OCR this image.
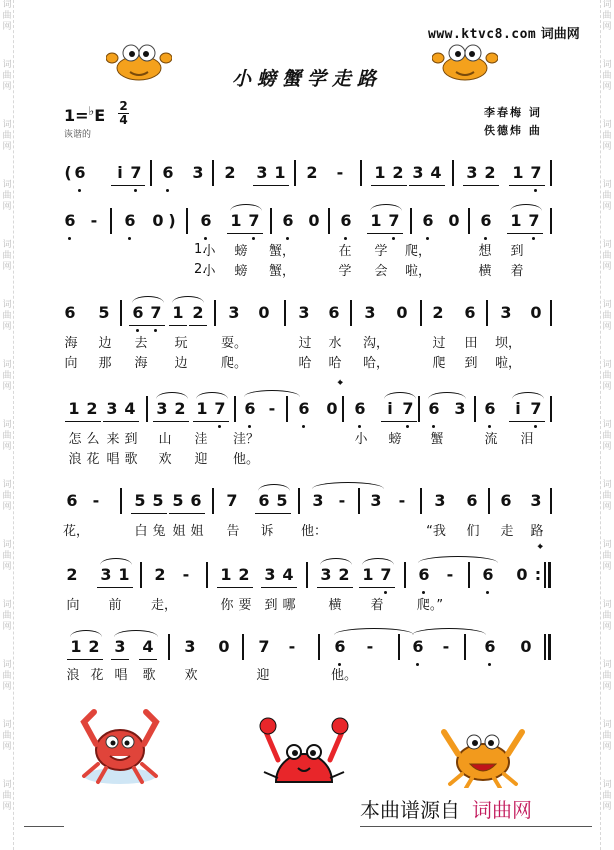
词
曲
网
词
曲
网
词
曲
网
词
曲
网
词
曲
网
词
曲
网
词
曲
网
词
曲
网
词
曲
网
词
曲
网
词
曲
网
词
曲
网
词
曲
网
词
曲
网
词
曲
网
词
曲
网
词
曲
网
词
曲
网
词
曲
网
词
曲
网
词
曲
网
词
曲
网
词
曲
网
词
曲
网
词
曲
网
词
曲
网
词
曲
网
词
曲
网
www.ktvc8.com 词曲网
小螃蟹学走路
1=♭E 2
4
诙谐的
李春梅 词
佚德炜 曲
( 6	i 7 6 3 2 3 1 2 - 1 2 3 4 3 2 1 7
6 - 6 0 ) 6 1 7 6 0 6 1 7 6 0 6 1 7
1.
小 螃 蟹，	在 学 爬，	想 到
2.
小 螃 蟹，	学 会 啦，	横 着
6 5 6 7 1 2 3 0 3 6 3 0 2 6 3 0
海 边 去 玩	耍。	过 水 沟，	过 田 坝，
向 那 海 边	爬。	哈 哈 哈，	爬 到 啦，
𝄌
1 2 3 4 3 2 1 7 6 - 6 0 6	i 7 6 3 6	i 7
怎 么 来 到 山 洼 洼？	小 螃 蟹	流 泪
浪 花 唱 歌 欢 迎 他。
6 - 5 5 5 6 7 6 5 3 - 3 - 3 6 6 3
花，	白 兔 姐 姐 告 诉 他：	“我 们 走 路
𝄌
2 3 1 2 - 1 2 3 4 3 2 1 7 6 - 6 0 :
向 前 走，	你 要 到 哪	横 着	爬。”
1 2 3 4 3 0 7 - 6 - 6 - 6 0
浪 花 唱 歌 欢	迎	他。
本曲谱源自 词曲网
